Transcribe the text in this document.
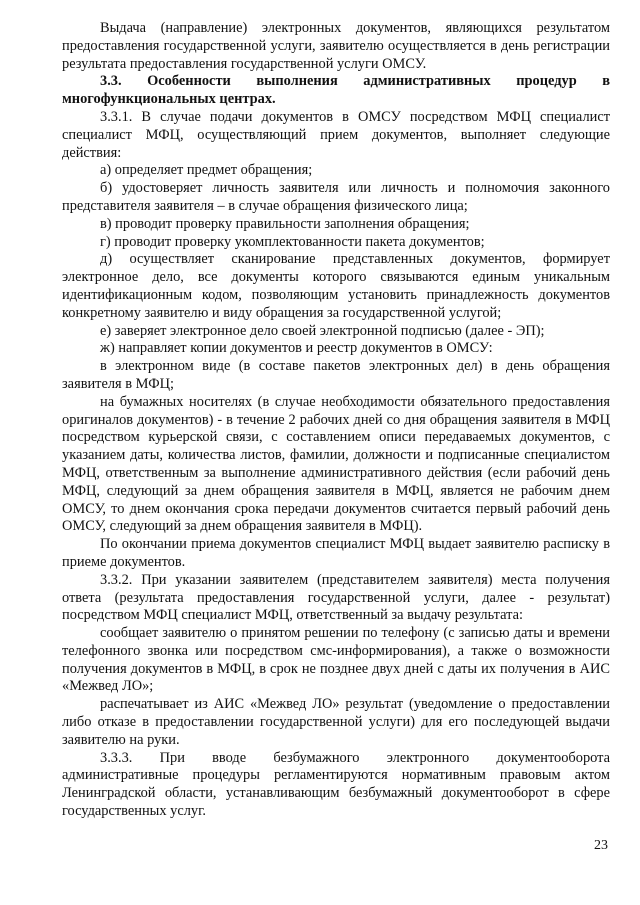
Выдача (направление) электронных документов, являющихся результатом предоставления государственной услуги, заявителю осуществляется в день регистрации результата предоставления государственной услуги ОМСУ.

3.3. Особенности выполнения административных процедур в многофункциональных центрах.

3.3.1. В случае подачи документов в ОМСУ посредством МФЦ специалист специалист МФЦ, осуществляющий прием документов, выполняет следующие действия:

а) определяет предмет обращения;

б) удостоверяет личность заявителя или личность и полномочия законного представителя заявителя – в случае обращения физического лица;

в) проводит проверку правильности заполнения обращения;

г) проводит проверку укомплектованности пакета документов;

д) осуществляет сканирование представленных документов, формирует электронное дело, все документы которого связываются единым уникальным идентификационным кодом, позволяющим установить принадлежность документов конкретному заявителю и виду обращения за государственной услугой;

е) заверяет электронное дело своей электронной подписью (далее - ЭП);

ж) направляет копии документов и реестр документов в ОМСУ:

в электронном виде (в составе пакетов электронных дел) в день обращения заявителя в МФЦ;

на бумажных носителях (в случае необходимости обязательного предоставления оригиналов документов) - в течение 2 рабочих дней со дня обращения заявителя в МФЦ посредством курьерской связи, с составлением описи передаваемых документов, с указанием даты, количества листов, фамилии, должности и подписанные специалистом МФЦ, ответственным за выполнение административного действия (если рабочий день МФЦ, следующий за днем обращения заявителя в МФЦ, является не рабочим днем ОМСУ, то днем окончания срока передачи документов считается первый рабочий день ОМСУ, следующий за днем обращения заявителя в МФЦ).

По окончании приема документов специалист МФЦ выдает заявителю расписку в приеме документов.

3.3.2. При указании заявителем (представителем заявителя) места получения ответа (результата предоставления государственной услуги, далее - результат) посредством МФЦ специалист МФЦ, ответственный за выдачу результата:

сообщает заявителю о принятом решении по телефону (с записью даты и времени телефонного звонка или посредством смс-информирования), а также о возможности получения документов в МФЦ, в срок не позднее двух дней с даты их получения в АИС «Межвед ЛО»;

распечатывает из АИС «Межвед ЛО» результат (уведомление о предоставлении либо отказе в предоставлении государственной услуги) для его последующей выдачи заявителю на руки.

3.3.3. При вводе безбумажного электронного документооборота административные процедуры регламентируются нормативным правовым актом Ленинградской области, устанавливающим безбумажный документооборот в сфере государственных услуг.

23
